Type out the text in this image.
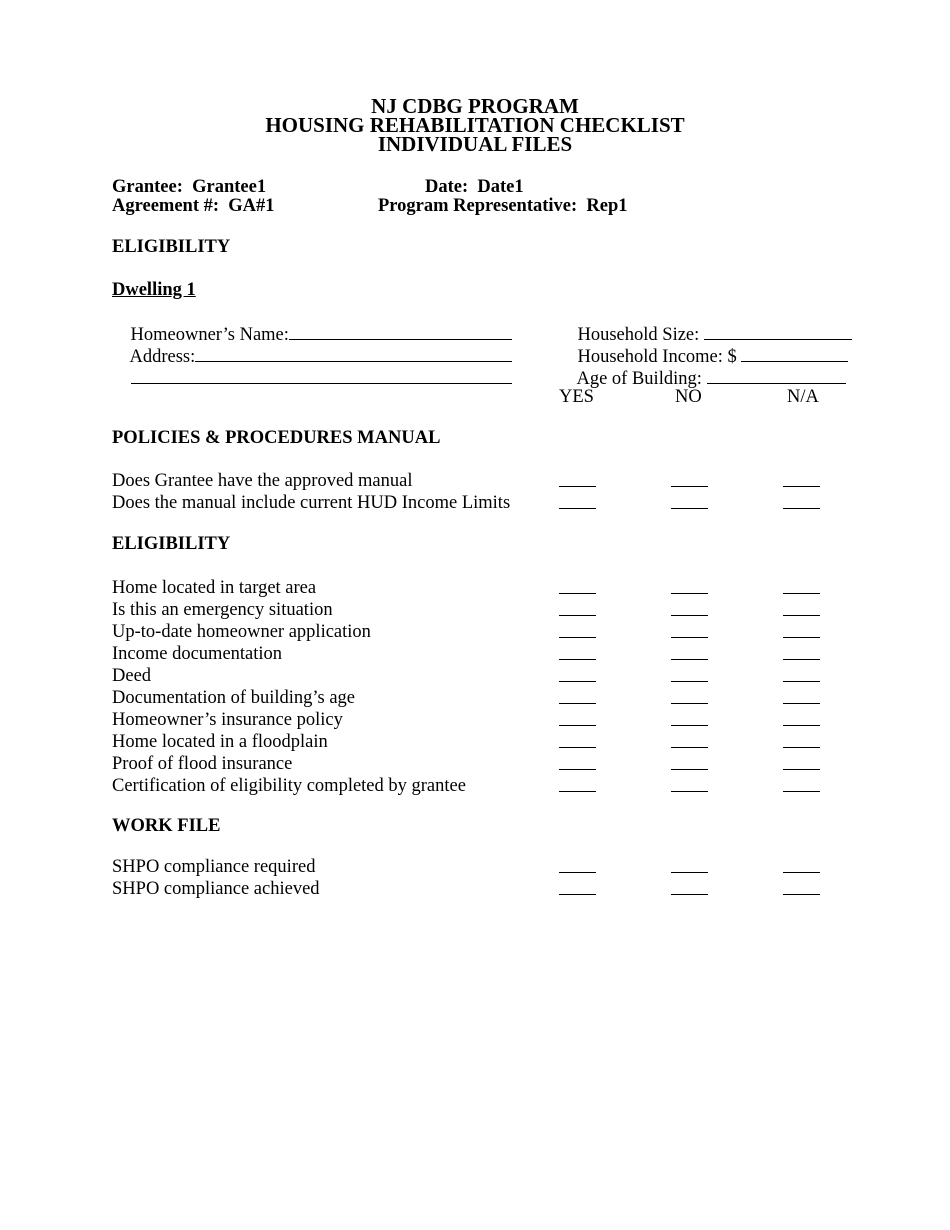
NJ CDBG PROGRAM
HOUSING REHABILITATION CHECKLIST
INDIVIDUAL FILES
Grantee:  Grantee1	Date:  Date1
Agreement #:  GA#1	Program Representative:  Rep1
ELIGIBILITY
Dwelling 1

Homeowner’s Name:

Address:

Household Size:

Household Income: $

Age of Building:

YES	NO	N/A
POLICIES & PROCEDURES MANUAL
Does Grantee have the approved manual
Does the manual include current HUD Income Limits
ELIGIBILITY
Home located in target area
Is this an emergency situation
Up-to-date homeowner application
Income documentation
Deed
Documentation of building’s age
Homeowner’s insurance policy
Home located in a floodplain
Proof of flood insurance
Certification of eligibility completed by grantee
WORK FILE
SHPO compliance required
SHPO compliance achieved
